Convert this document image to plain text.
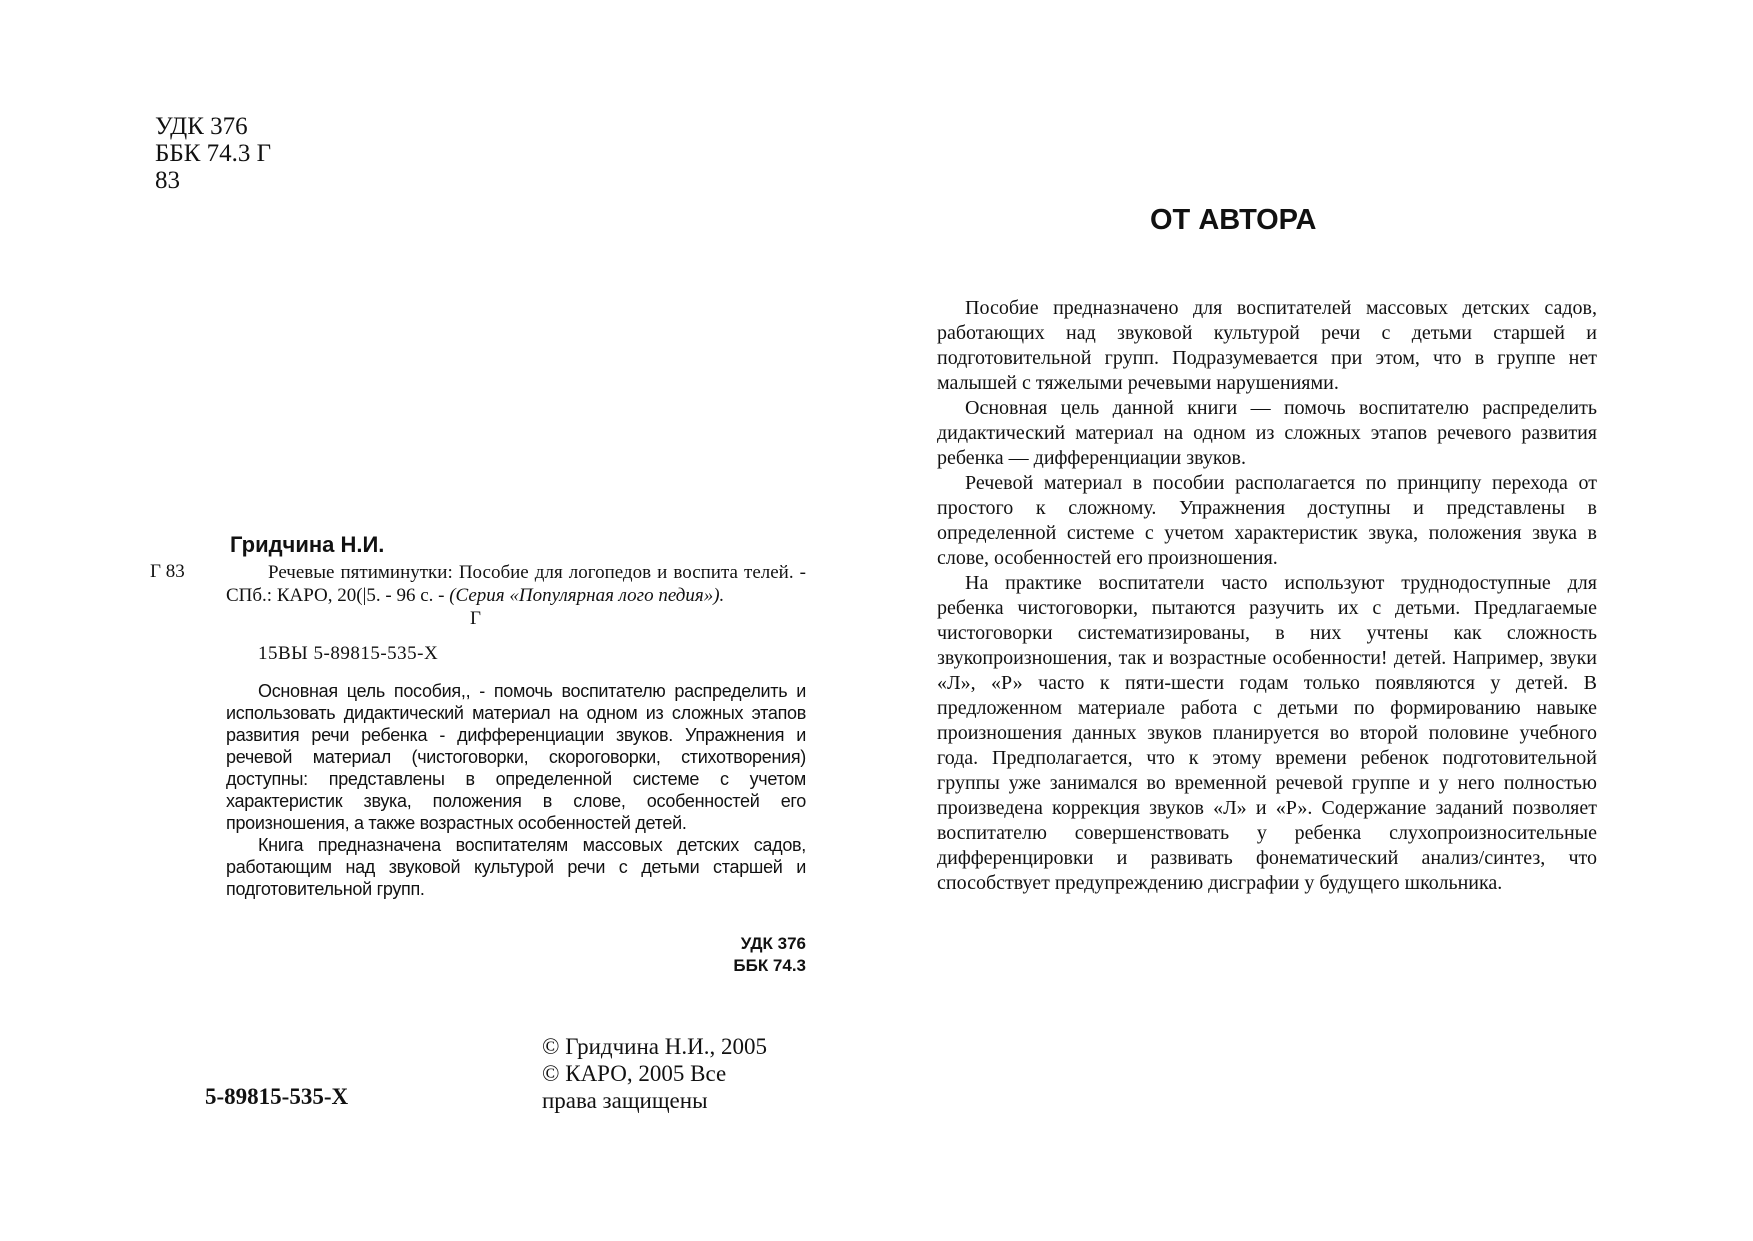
УДК 376
ББК 74.3 Г
83
Гридчина Н.И.
Г 83	Речевые пятиминутки: Пособие для логопедов и воспита телей. - СПб.: КАРО, 20(|5. - 96 с. - (Серия «Популярная лого педия»).
Г
15ВЫ 5-89815-535-Х

Основная цель пособия,, - помочь воспитателю распределить и использовать дидактический материал на одном из сложных этапов развития речи ребенка - дифференциации звуков. Упражнения и речевой материал (чистоговорки, скороговорки, стихотворения) доступны: представлены в определенной системе с учетом характеристик звука, положения в слове, особенностей его произношения, а также возрастных особенностей детей.

Книга предназначена воспитателям массовых детских садов, работающим над звуковой культурой речи с детьми старшей и подготовительной групп.

УДК 376
ББК 74.3
© Гридчина Н.И., 2005 © КАРО, 2005 Все права защищены
5-89815-535-Х
ОТ АВТОРА

Пособие предназначено для воспитателей массовых детских садов, работающих над звуковой культурой речи с детьми старшей и подготовительной групп. Подразумевается при этом, что в группе нет малышей с тяжелыми речевыми нарушениями.

Основная цель данной книги — помочь воспитателю распределить дидактический материал на одном из сложных этапов речевого развития ребенка — дифференциации звуков.

Речевой материал в пособии располагается по принципу перехода от простого к сложному. Упражнения доступны и представлены в определенной системе с учетом характеристик звука, положения звука в слове, особенностей его произношения.

На практике воспитатели часто используют труднодоступные для ребенка чистоговорки, пытаются разучить их с детьми. Предлагаемые чистоговорки систематизированы, в них учтены как сложность звукопроизношения, так и возрастные особенности! детей. Например, звуки «Л», «Р» часто к пяти-шести годам только появляются у детей. В предложенном материале работа с детьми по формированию навыке произношения данных звуков планируется во второй половине учебного года. Предполагается, что к этому времени ребенок подготовительной группы уже занимался во временной речевой группе и у него полностью произведена коррекция звуков «Л» и «Р». Содержание заданий позволяет воспитателю совершенствовать у ребенка слухопроизносительные дифференцировки и развивать фонематический анализ/синтез, что способствует предупреждению дисграфии у будущего школьника.
